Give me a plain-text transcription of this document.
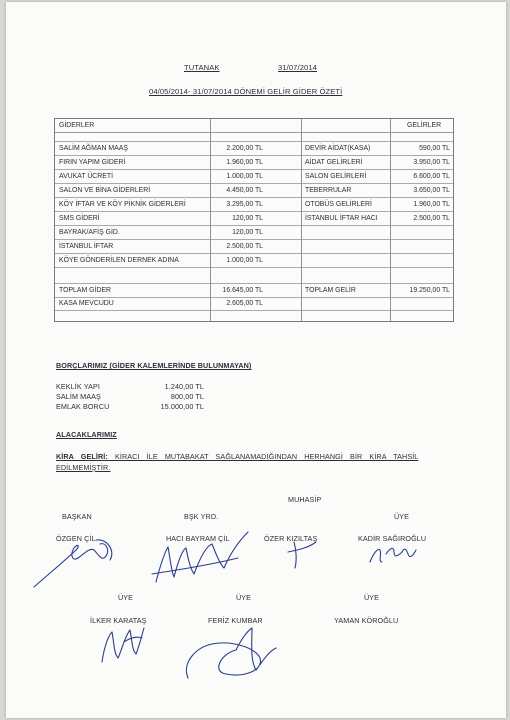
TUTANAK	31/07/2014
04/05/2014- 31/07/2014 DÖNEMİ GELİR GİDER ÖZETİ
GİDERLER	GELİRLER
SALİM AĞMAN MAAŞ	2.200,00 TL	DEVİR AİDAT(KASA)	590,00 TL
FIRIN YAPIM GİDERİ	1.960,00 TL	AİDAT GELİRLERİ	3.950,00 TL
AVUKAT ÜCRETİ	1.000,00 TL	SALON GELİRLERİ	6.600,00 TL
SALON VE BİNA GİDERLERİ	4.450,00 TL	TEBERRULAR	3.650,00 TL
KÖY İFTAR VE KÖY PİKNİK GİDERLERİ	3.295,00 TL	OTOBÜS GELİRLERİ	1.960,00 TL
SMS GİDERİ	120,00 TL	İSTANBUL İFTAR HACI	2.500,00 TL
BAYRAK/AFİŞ GİD.	120,00 TL
İSTANBUL İFTAR	2.500,00 TL
KÖYE GÖNDERİLEN DERNEK ADINA	1.000,00 TL
TOPLAM GİDER	16.645,00 TL	TOPLAM GELİR	19.250,00 TL
KASA MEVCUDU	2.605,00 TL
BORÇLARIMIZ (GİDER KALEMLERİNDE BULUNMAYAN)
KEKLİK YAPI	1.240,00 TL
SALİM MAAŞ	800,00 TL
EMLAK BORCU	15.000,00 TL
ALACAKLARIMIZ
KİRA GELİRİ: KİRACI İLE MUTABAKAT SAĞLANAMADIĞINDAN HERHANGİ BİR KİRA TAHSİL
EDİLMEMİŞTİR.
BAŞKAN	BŞK YRD.
MUHASİP
ÜYE
ÖZGEN ÇİL	HACI BAYRAM ÇİL	ÖZER KIZILTAŞ	KADİR SAĞIROĞLU
ÜYE	ÜYE	ÜYE
İLKER KARATAŞ	FERİZ KUMBAR	YAMAN KÖROĞLU
